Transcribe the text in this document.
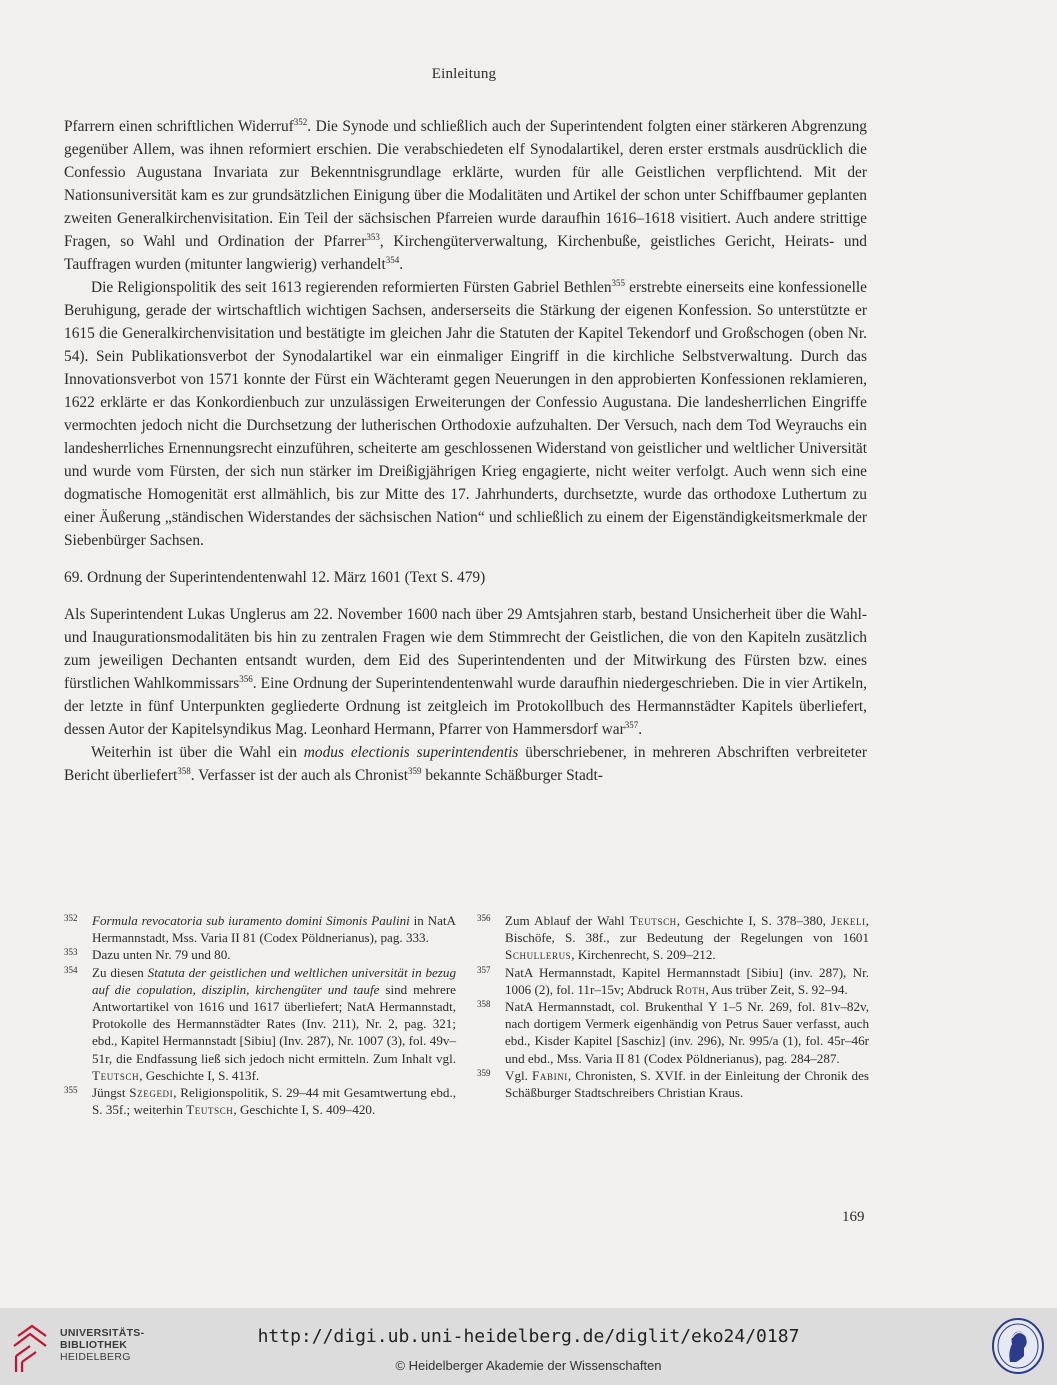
Einleitung

Pfarrern einen schriftlichen Widerruf$^{352}$. Die Synode und schließlich auch der Superintendent folgten einer stärkeren Abgrenzung gegenüber Allem, was ihnen reformiert erschien. Die verabschiedeten elf Synodalartikel, deren erster erstmals ausdrücklich die Confessio Augustana Invariata zur Bekenntnisgrundlage erklärte, wurden für alle Geistlichen verpflichtend. Mit der Nationsuniversität kam es zur grundsätzlichen Einigung über die Modalitäten und Artikel der schon unter Schiffbaumer geplanten zweiten Generalkirchenvisitation. Ein Teil der sächsischen Pfarreien wurde daraufhin 1616–1618 visitiert. Auch andere strittige Fragen, so Wahl und Ordination der Pfarrer$^{353}$, Kirchengüterverwaltung, Kirchenbuße, geistliches Gericht, Heirats- und Tauffragen wurden (mitunter langwierig) verhandelt$^{354}$.

Die Religionspolitik des seit 1613 regierenden reformierten Fürsten Gabriel Bethlen$^{355}$ erstrebte einerseits eine konfessionelle Beruhigung, gerade der wirtschaftlich wichtigen Sachsen, anderserseits die Stärkung der eigenen Konfession. So unterstützte er 1615 die Generalkirchenvisitation und bestätigte im gleichen Jahr die Statuten der Kapitel Tekendorf und Großschogen (oben Nr. 54). Sein Publikationsverbot der Synodalartikel war ein einmaliger Eingriff in die kirchliche Selbstverwaltung. Durch das Innovationsverbot von 1571 konnte der Fürst ein Wächteramt gegen Neuerungen in den approbierten Konfessionen reklamieren, 1622 erklärte er das Konkordienbuch zur unzulässigen Erweiterungen der Confessio Augustana. Die landesherrlichen Eingriffe vermochten jedoch nicht die Durchsetzung der lutherischen Orthodoxie aufzuhalten. Der Versuch, nach dem Tod Weyrauchs ein landesherrliches Ernennungsrecht einzuführen, scheiterte am geschlossenen Widerstand von geistlicher und weltlicher Universität und wurde vom Fürsten, der sich nun stärker im Dreißigjährigen Krieg engagierte, nicht weiter verfolgt. Auch wenn sich eine dogmatische Homogenität erst allmählich, bis zur Mitte des 17. Jahrhunderts, durchsetzte, wurde das orthodoxe Luthertum zu einer Äußerung „ständischen Widerstandes der sächsischen Nation“ und schließlich zu einem der Eigenständigkeitsmerkmale der Siebenbürger Sachsen.

69. Ordnung der Superintendentenwahl 12. März 1601 (Text S. 479)

Als Superintendent Lukas Unglerus am 22. November 1600 nach über 29 Amtsjahren starb, bestand Unsicherheit über die Wahl- und Inaugurationsmodalitäten bis hin zu zentralen Fragen wie dem Stimmrecht der Geistlichen, die von den Kapiteln zusätzlich zum jeweiligen Dechanten entsandt wurden, dem Eid des Superintendenten und der Mitwirkung des Fürsten bzw. eines fürstlichen Wahlkommissars$^{356}$. Eine Ordnung der Superintendentenwahl wurde daraufhin niedergeschrieben. Die in vier Artikeln, der letzte in fünf Unterpunkten gegliederte Ordnung ist zeitgleich im Protokollbuch des Hermannstädter Kapitels überliefert, dessen Autor der Kapitelsyndikus Mag. Leonhard Hermann, Pfarrer von Hammersdorf war$^{357}$.

Weiterhin ist über die Wahl ein modus electionis superintendentis überschriebener, in mehreren Abschriften verbreiteter Bericht überliefert$^{358}$. Verfasser ist der auch als Chronist$^{359}$ bekannte Schäßburger Stadt-

352	Formula revocatoria sub iuramento domini Simonis Paulini in NatA Hermannstadt, Mss. Varia II 81 (Codex Pöldnerianus), pag. 333.
353	Dazu unten Nr. 79 und 80.
354	Zu diesen Statuta der geistlichen und weltlichen universität in bezug auf die copulation, disziplin, kirchengüter und taufe sind mehrere Antwortartikel von 1616 und 1617 überliefert; NatA Hermannstadt, Protokolle des Hermannstädter Rates (Inv. 211), Nr. 2, pag. 321; ebd., Kapitel Hermannstadt [Sibiu] (Inv. 287), Nr. 1007 (3), fol. 49v–51r, die Endfassung ließ sich jedoch nicht ermitteln. Zum Inhalt vgl. Teutsch, Geschichte I, S. 413f.
355	Jüngst Szegedi, Religionspolitik, S. 29–44 mit Gesamtwertung ebd., S. 35f.; weiterhin Teutsch, Geschichte I, S. 409–420.
356	Zum Ablauf der Wahl Teutsch, Geschichte I, S. 378–380, Jekeli, Bischöfe, S. 38f., zur Bedeutung der Regelungen von 1601 Schullerus, Kirchenrecht, S. 209–212.
357	NatA Hermannstadt, Kapitel Hermannstadt [Sibiu] (inv. 287), Nr. 1006 (2), fol. 11r–15v; Abdruck Roth, Aus trüber Zeit, S. 92–94.
358	NatA Hermannstadt, col. Brukenthal Y 1–5 Nr. 269, fol. 81v–82v, nach dortigem Vermerk eigenhändig von Petrus Sauer verfasst, auch ebd., Kisder Kapitel [Saschiz] (inv. 296), Nr. 995/a (1), fol. 45r–46r und ebd., Mss. Varia II 81 (Codex Pöldnerianus), pag. 284–287.
359	Vgl. Fabini, Chronisten, S. XVIf. in der Einleitung der Chronik des Schäßburger Stadtschreibers Christian Kraus.
169
UNIVERSITÄTS-
BIBLIOTHEK
HEIDELBERG
http://digi.ub.uni-heidelberg.de/diglit/eko24/0187
© Heidelberger Akademie der Wissenschaften
